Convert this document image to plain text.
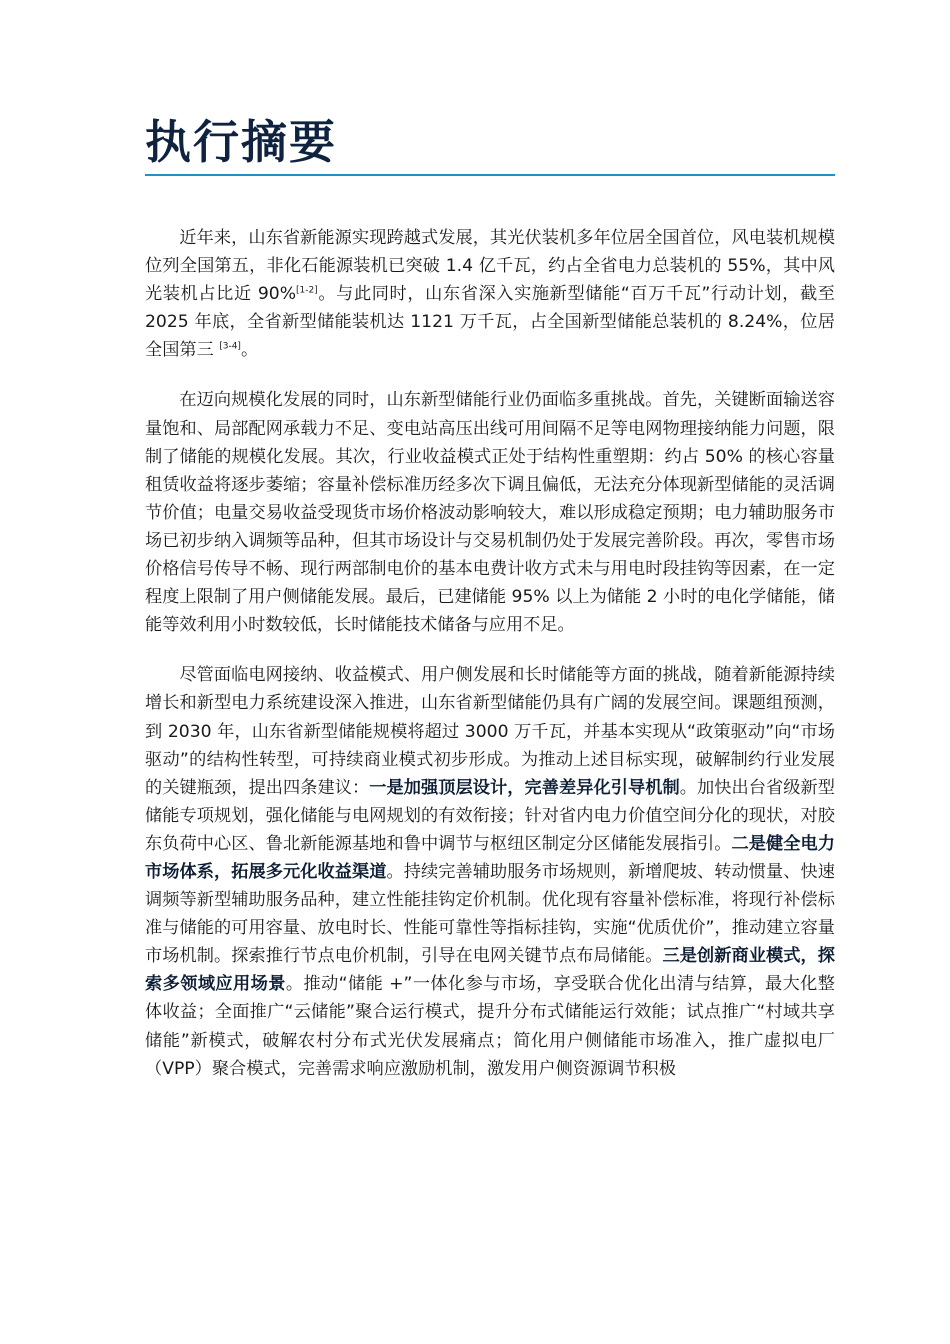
执行摘要

近年来，山东省新能源实现跨越式发展，其光伏装机多年位居全国首位，风电装机规模位列全国第五，非化石能源装机已突破 1.4 亿千瓦，约占全省电力总装机的 55%，其中风光装机占比近 90%[1-2]。与此同时，山东省深入实施新型储能“百万千瓦”行动计划，截至 2025 年底，全省新型储能装机达 1121 万千瓦，占全国新型储能总装机的 8.24%，位居全国第三 [3-4]。

在迈向规模化发展的同时，山东新型储能行业仍面临多重挑战。首先，关键断面输送容量饱和、局部配网承载力不足、变电站高压出线可用间隔不足等电网物理接纳能力问题，限制了储能的规模化发展。其次，行业收益模式正处于结构性重塑期：约占 50% 的核心容量租赁收益将逐步萎缩；容量补偿标准历经多次下调且偏低，无法充分体现新型储能的灵活调节价值；电量交易收益受现货市场价格波动影响较大，难以形成稳定预期；电力辅助服务市场已初步纳入调频等品种，但其市场设计与交易机制仍处于发展完善阶段。再次，零售市场价格信号传导不畅、现行两部制电价的基本电费计收方式未与用电时段挂钩等因素，在一定程度上限制了用户侧储能发展。最后，已建储能 95% 以上为储能 2 小时的电化学储能，储能等效利用小时数较低，长时储能技术储备与应用不足。

尽管面临电网接纳、收益模式、用户侧发展和长时储能等方面的挑战，随着新能源持续增长和新型电力系统建设深入推进，山东省新型储能仍具有广阔的发展空间。课题组预测，到 2030 年，山东省新型储能规模将超过 3000 万千瓦，并基本实现从“政策驱动”向“市场驱动”的结构性转型，可持续商业模式初步形成。为推动上述目标实现，破解制约行业发展的关键瓶颈，提出四条建议：一是加强顶层设计，完善差异化引导机制。加快出台省级新型储能专项规划，强化储能与电网规划的有效衔接；针对省内电力价值空间分化的现状，对胶东负荷中心区、鲁北新能源基地和鲁中调节与枢纽区制定分区储能发展指引。二是健全电力市场体系，拓展多元化收益渠道。持续完善辅助服务市场规则，新增爬坡、转动惯量、快速调频等新型辅助服务品种，建立性能挂钩定价机制。优化现有容量补偿标准，将现行补偿标准与储能的可用容量、放电时长、性能可靠性等指标挂钩，实施“优质优价”，推动建立容量市场机制。探索推行节点电价机制，引导在电网关键节点布局储能。三是创新商业模式，探索多领域应用场景。推动“储能 +”一体化参与市场，享受联合优化出清与结算，最大化整体收益；全面推广“云储能”聚合运行模式，提升分布式储能运行效能；试点推广“村域共享储能”新模式，破解农村分布式光伏发展痛点；简化用户侧储能市场准入，推广虚拟电厂（VPP）聚合模式，完善需求响应激励机制，激发用户侧资源调节积极
